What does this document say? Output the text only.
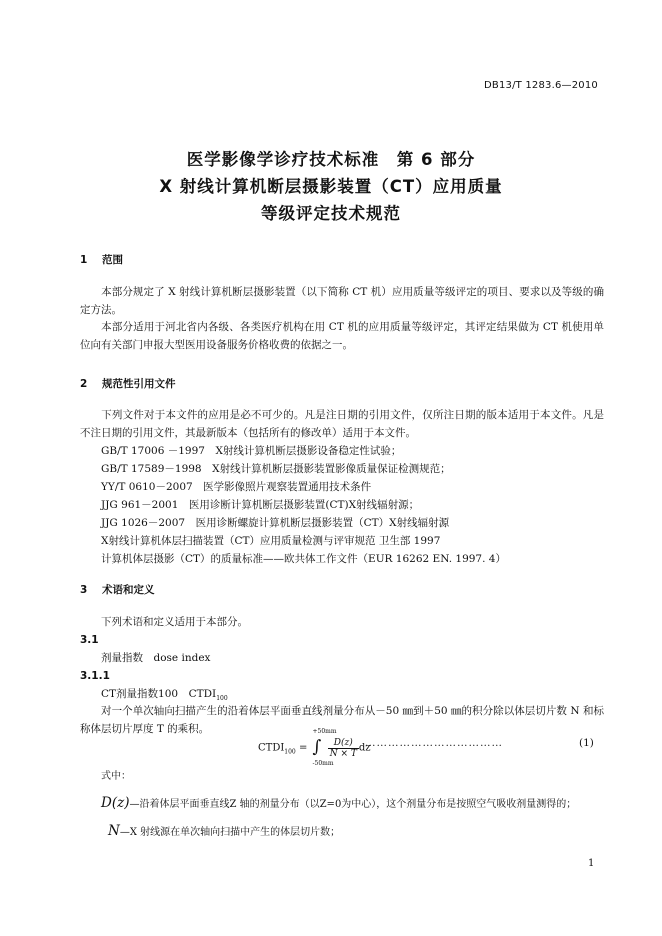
DB13/T 1283.6—2010
医学影像学诊疗技术标准　第 6 部分
X 射线计算机断层摄影装置（CT）应用质量
等级评定技术规范
1 范围
本部分规定了 X 射线计算机断层摄影装置（以下简称 CT 机）应用质量等级评定的项目、要求以及等级的确定方法。
本部分适用于河北省内各级、各类医疗机构在用 CT 机的应用质量等级评定，其评定结果做为 CT 机使用单位向有关部门申报大型医用设备服务价格收费的依据之一。
2 规范性引用文件
下列文件对于本文件的应用是必不可少的。凡是注日期的引用文件，仅所注日期的版本适用于本文件。凡是不注日期的引用文件，其最新版本（包括所有的修改单）适用于本文件。
GB/T 17006 －1997　X射线计算机断层摄影设备稳定性试验；
GB/T 17589－1998　X射线计算机断层摄影装置影像质量保证检测规范；
YY/T 0610－2007　医学影像照片观察装置通用技术条件
JJG 961－2001　医用诊断计算机断层摄影装置(CT)X射线辐射源；
JJG 1026－2007　医用诊断螺旋计算机断层摄影装置（CT）X射线辐射源
X射线计算机体层扫描装置（CT）应用质量检测与评审规范 卫生部 1997
计算机体层摄影（CT）的质量标准——欧共体工作文件（EUR 16262 EN. 1997. 4）
3 术语和定义
下列术语和定义适用于本部分。
3.1
剂量指数　dose index
3.1.1
CT剂量指数100　$CTDI_{100}$
对一个单次轴向扫描产生的沿着体层平面垂直线剂量分布从－50 ㎜到＋50 ㎜的积分除以体层切片数 N 和标称体层切片厚度 T 的乘积。
$CTDI_{100}$ =
+50mm
∫
-50mm

$\frac{D(z)}{N \times T}$ dz
………………………………	(1)
式中：
D(z)—沿着体层平面垂直线Z 轴的剂量分布（以Z=0为中心），这个剂量分布是按照空气吸收剂量测得的；
N—X 射线源在单次轴向扫描中产生的体层切片数；
1
